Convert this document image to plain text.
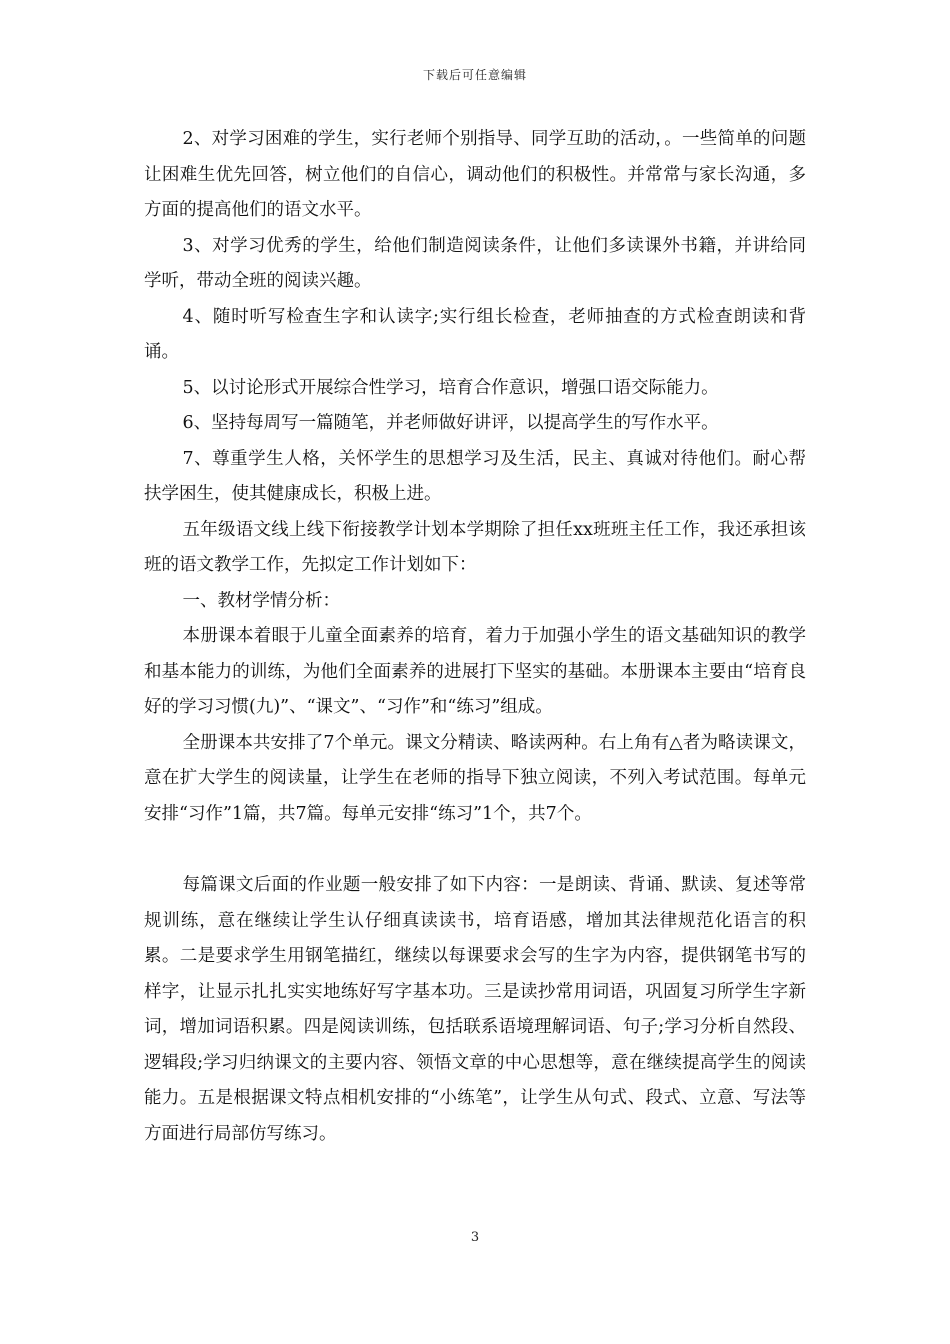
下载后可任意编辑

2、对学习困难的学生，实行老师个别指导、同学互助的活动，。一些简单的问题让困难生优先回答，树立他们的自信心，调动他们的积极性。并常常与家长沟通，多方面的提高他们的语文水平。

3、对学习优秀的学生，给他们制造阅读条件，让他们多读课外书籍，并讲给同学听，带动全班的阅读兴趣。

4、随时听写检查生字和认读字;实行组长检查，老师抽查的方式检查朗读和背诵。

5、以讨论形式开展综合性学习，培育合作意识，增强口语交际能力。

6、坚持每周写一篇随笔，并老师做好讲评，以提高学生的写作水平。

7、尊重学生人格，关怀学生的思想学习及生活，民主、真诚对待他们。耐心帮扶学困生，使其健康成长，积极上进。

五年级语文线上线下衔接教学计划本学期除了担任xx班班主任工作，我还承担该班的语文教学工作，先拟定工作计划如下：

一、教材学情分析：

本册课本着眼于儿童全面素养的培育，着力于加强小学生的语文基础知识的教学和基本能力的训练，为他们全面素养的进展打下坚实的基础。本册课本主要由“培育良好的学习习惯(九)”、“课文”、“习作”和“练习”组成。

全册课本共安排了7个单元。课文分精读、略读两种。右上角有△者为略读课文，意在扩大学生的阅读量，让学生在老师的指导下独立阅读，不列入考试范围。每单元安排“习作”1篇，共7篇。每单元安排“练习”1个，共7个。

每篇课文后面的作业题一般安排了如下内容：一是朗读、背诵、默读、复述等常规训练，意在继续让学生认仔细真读读书，培育语感，增加其法律规范化语言的积累。二是要求学生用钢笔描红，继续以每课要求会写的生字为内容，提供钢笔书写的样字，让显示扎扎实实地练好写字基本功。三是读抄常用词语，巩固复习所学生字新词，增加词语积累。四是阅读训练，包括联系语境理解词语、句子;学习分析自然段、逻辑段;学习归纳课文的主要内容、领悟文章的中心思想等，意在继续提高学生的阅读能力。五是根据课文特点相机安排的“小练笔”，让学生从句式、段式、立意、写法等方面进行局部仿写练习。

3
